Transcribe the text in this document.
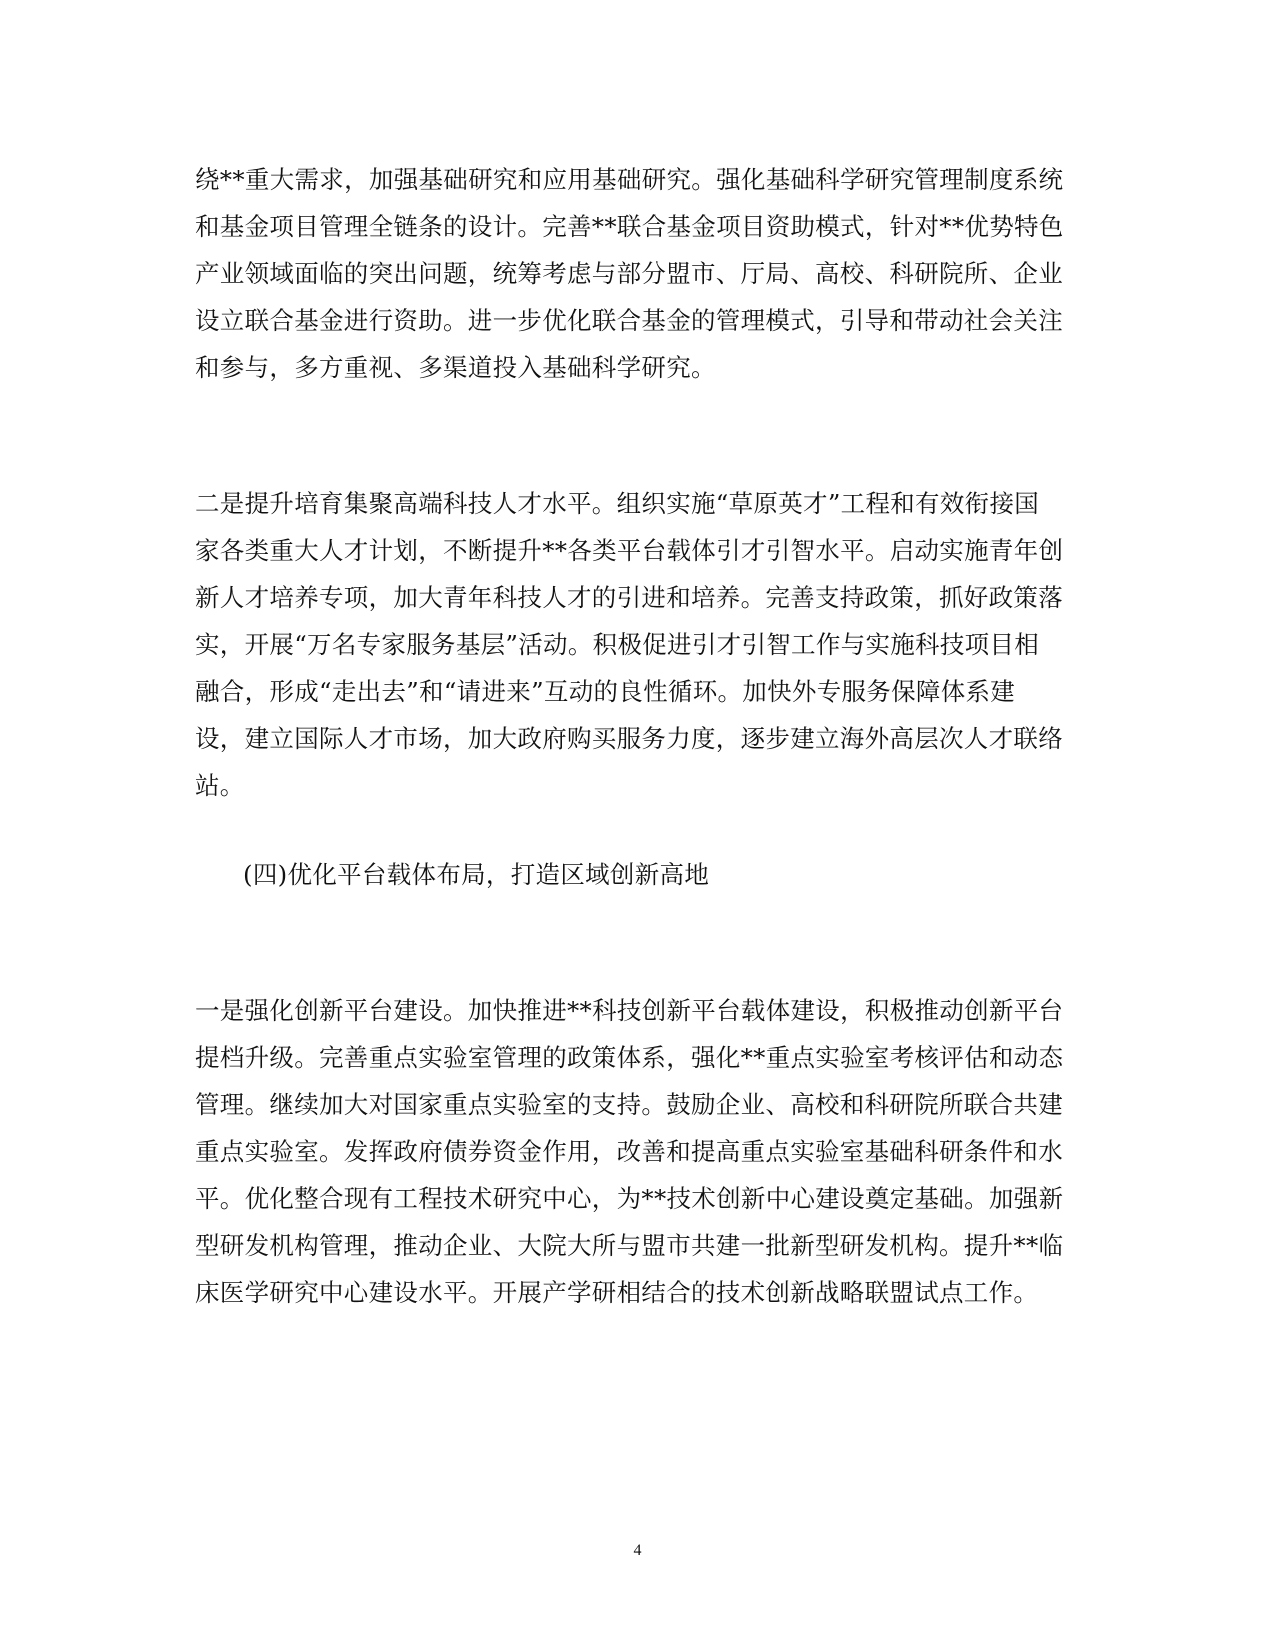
绕**重大需求，加强基础研究和应用基础研究。强化基础科学研究管理制度系统
和基金项目管理全链条的设计。完善**联合基金项目资助模式，针对**优势特色
产业领域面临的突出问题，统筹考虑与部分盟市、厅局、高校、科研院所、企业
设立联合基金进行资助。进一步优化联合基金的管理模式，引导和带动社会关注
和参与，多方重视、多渠道投入基础科学研究。
二是提升培育集聚高端科技人才水平。组织实施“草原英才”工程和有效衔接国
家各类重大人才计划，不断提升**各类平台载体引才引智水平。启动实施青年创
新人才培养专项，加大青年科技人才的引进和培养。完善支持政策，抓好政策落
实，开展“万名专家服务基层”活动。积极促进引才引智工作与实施科技项目相
融合，形成“走出去”和“请进来”互动的良性循环。加快外专服务保障体系建
设，建立国际人才市场，加大政府购买服务力度，逐步建立海外高层次人才联络
站。
(四)优化平台载体布局，打造区域创新高地
一是强化创新平台建设。加快推进**科技创新平台载体建设，积极推动创新平台
提档升级。完善重点实验室管理的政策体系，强化**重点实验室考核评估和动态
管理。继续加大对国家重点实验室的支持。鼓励企业、高校和科研院所联合共建
重点实验室。发挥政府债券资金作用，改善和提高重点实验室基础科研条件和水
平。优化整合现有工程技术研究中心，为**技术创新中心建设奠定基础。加强新
型研发机构管理，推动企业、大院大所与盟市共建一批新型研发机构。提升**临
床医学研究中心建设水平。开展产学研相结合的技术创新战略联盟试点工作。
4
